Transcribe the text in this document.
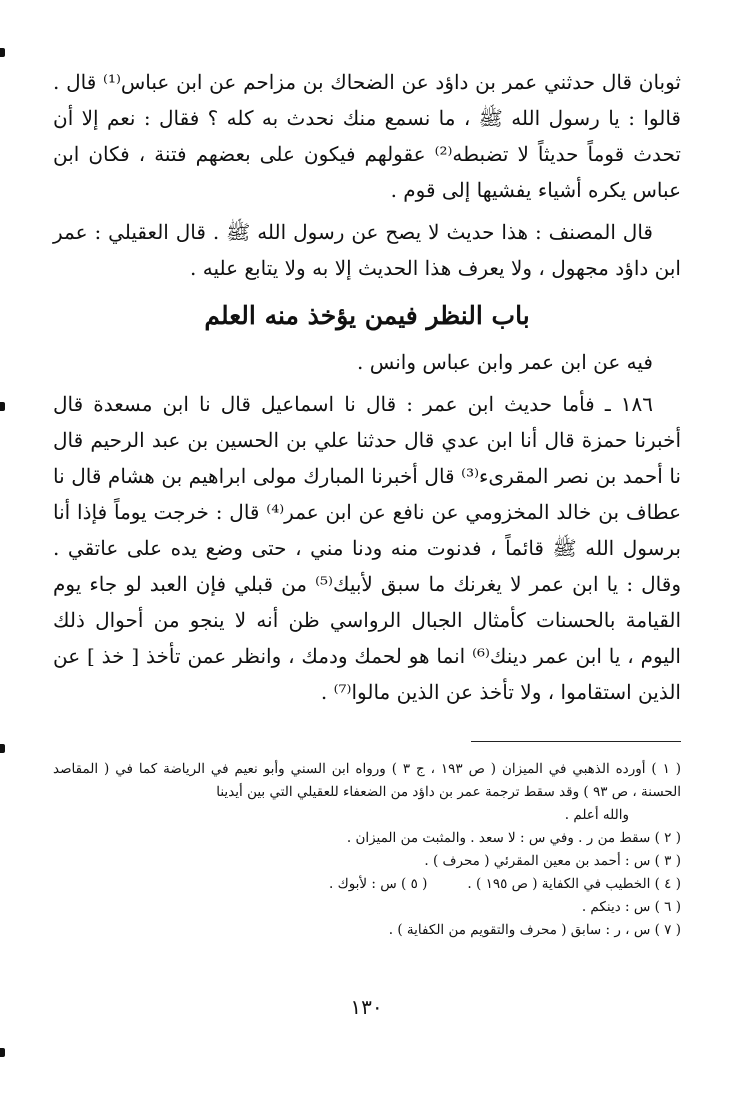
ثوبان قال حدثني عمر بن داؤد عن الضحاك بن مزاحم عن ابن عباس⁽¹⁾ قال . قالوا : يا رسول الله ﷺ ، ما نسمع منك نحدث به كله ؟ فقال : نعم إلا أن تحدث قوماً حديثاً لا تضبطه⁽²⁾ عقولهم فيكون على بعضهم فتنة ، فكان ابن عباس يكره أشياء يفشيها إلى قوم .

قال المصنف : هذا حديث لا يصح عن رسول الله ﷺ . قال العقيلي : عمر ابن داؤد مجهول ، ولا يعرف هذا الحديث إلا به ولا يتابع عليه .

باب النظر فيمن يؤخذ منه العلم

فيه عن ابن عمر وابن عباس وانس .

١٨٦ ـ فأما حديث ابن عمر : قال نا اسماعيل قال نا ابن مسعدة قال أخبرنا حمزة قال أنا ابن عدي قال حدثنا علي بن الحسين بن عبد الرحيم قال نا أحمد بن نصر المقرىء⁽³⁾ قال أخبرنا المبارك مولى ابراهيم بن هشام قال نا عطاف بن خالد المخزومي عن نافع عن ابن عمر⁽⁴⁾ قال : خرجت يوماً فإذا أنا برسول الله ﷺ قائماً ، فدنوت منه ودنا مني ، حتى وضع يده على عاتقي . وقال : يا ابن عمر لا يغرنك ما سبق لأبيك⁽⁵⁾ من قبلي فإن العبد لو جاء يوم القيامة بالحسنات كأمثال الجبال الرواسي ظن أنه لا ينجو من أحوال ذلك اليوم ، يا ابن عمر دينك⁽⁶⁾ انما هو لحمك ودمك ، وانظر عمن تأخذ [ خذ ] عن الذين استقاموا ، ولا تأخذ عن الذين مالوا⁽⁷⁾ .

( ١ ) أورده الذهبي في الميزان ( ص ١٩٣ ، ج ٣ ) ورواه ابن السني وأبو نعيم في الرياضة كما في ( المقاصد الحسنة ، ص ٩٣ ) وقد سقط ترجمة عمر بن داؤد من الضعفاء للعقيلي التي بين أيدينا

والله أعلم .

( ٢ ) سقط من ر . وفي س : لا سعد . والمثبت من الميزان .

( ٣ ) س : أحمد بن معين المقرئي ( محرف ) .

( ٤ ) الخطيب في الكفاية ( ص ١٩٥ ) .

( ٥ ) س : لأبوك .

( ٦ ) س : دينكم .

( ٧ ) س ، ر : سابق ( محرف والتقويم من الكفاية ) .

١٣٠
